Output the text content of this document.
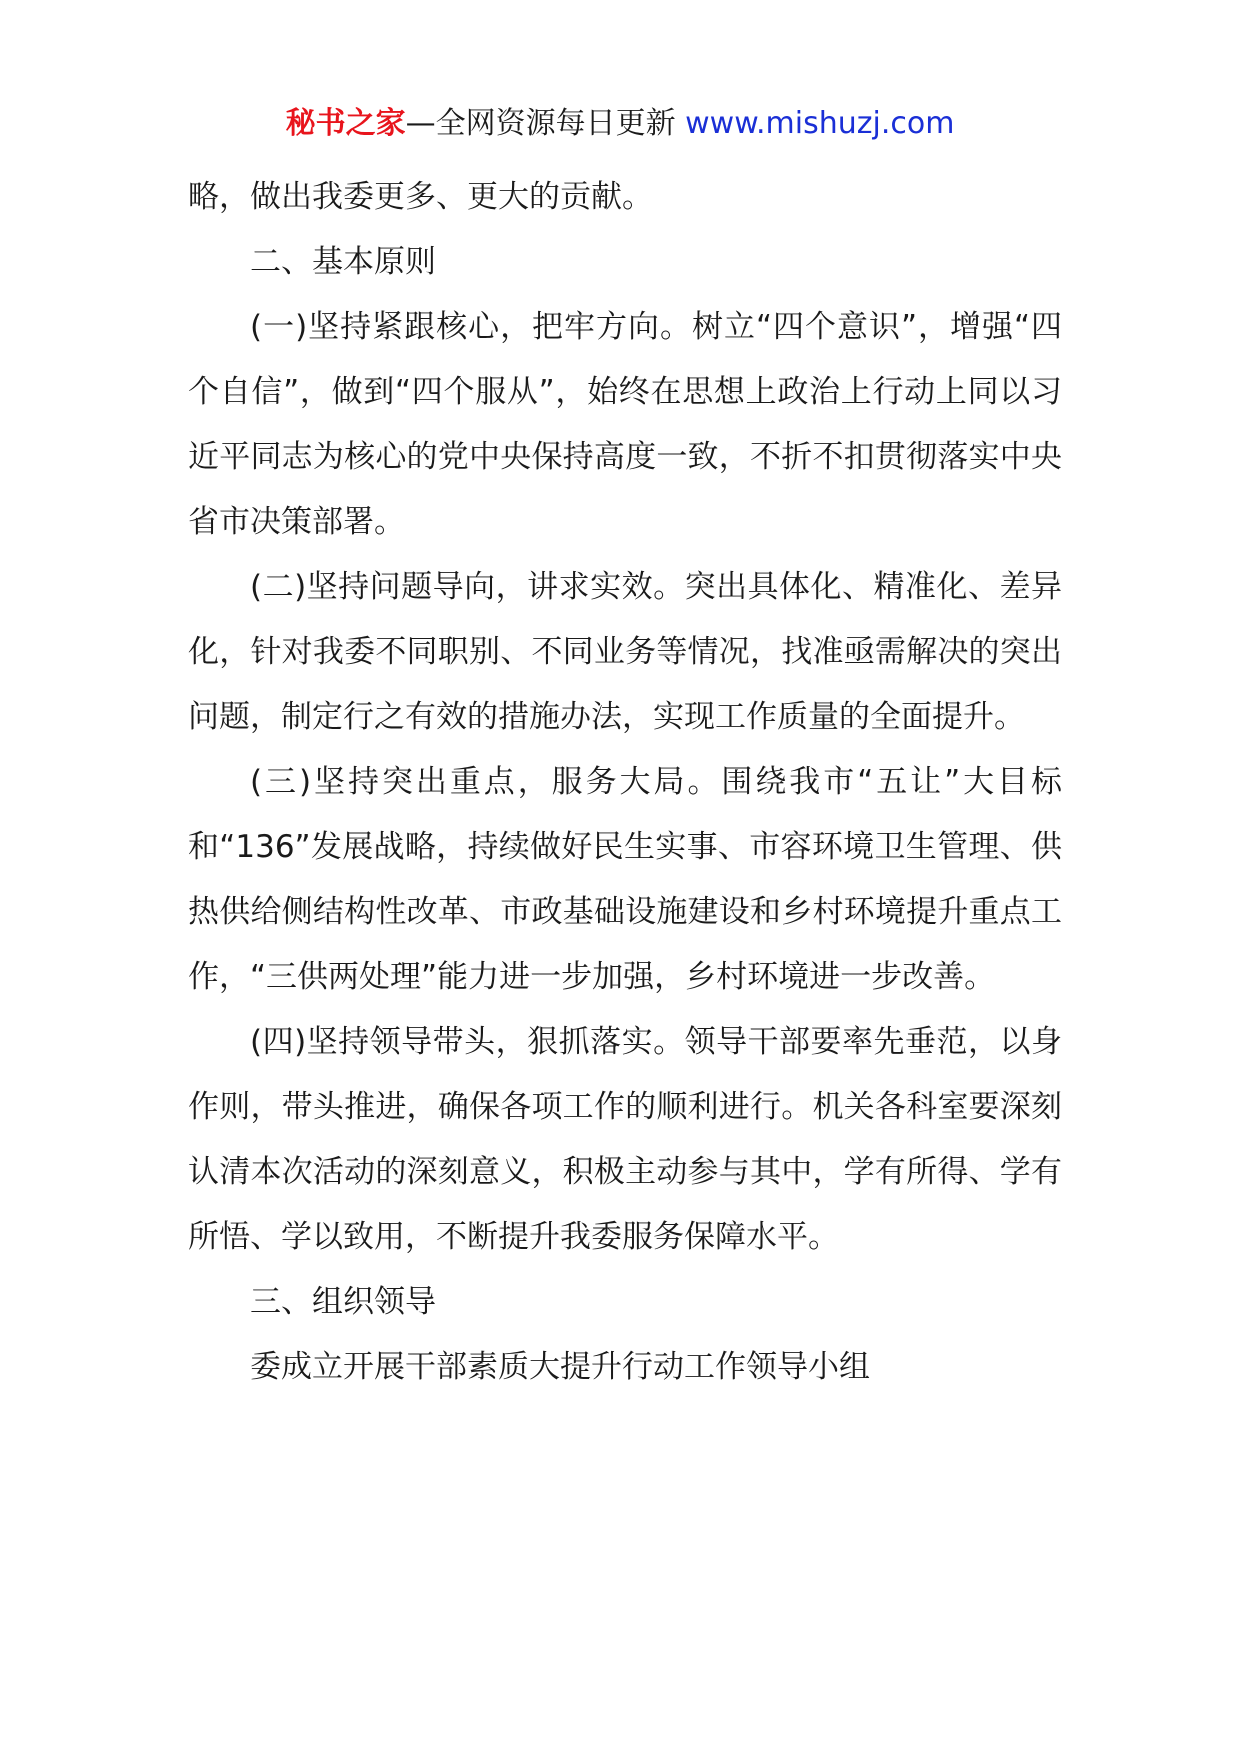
秘书之家—全网资源每日更新 www.mishuzj.com

略，做出我委更多、更大的贡献。

二、基本原则

(一)坚持紧跟核心，把牢方向。树立“四个意识”，增强“四个自信”，做到“四个服从”，始终在思想上政治上行动上同以习近平同志为核心的党中央保持高度一致，不折不扣贯彻落实中央省市决策部署。

(二)坚持问题导向，讲求实效。突出具体化、精准化、差异化，针对我委不同职别、不同业务等情况，找准亟需解决的突出问题，制定行之有效的措施办法，实现工作质量的全面提升。

(三)坚持突出重点，服务大局。围绕我市“五让”大目标和“136”发展战略，持续做好民生实事、市容环境卫生管理、供热供给侧结构性改革、市政基础设施建设和乡村环境提升重点工作，“三供两处理”能力进一步加强，乡村环境进一步改善。

(四)坚持领导带头，狠抓落实。领导干部要率先垂范，以身作则，带头推进，确保各项工作的顺利进行。机关各科室要深刻认清本次活动的深刻意义，积极主动参与其中，学有所得、学有所悟、学以致用，不断提升我委服务保障水平。

三、组织领导

委成立开展干部素质大提升行动工作领导小组
